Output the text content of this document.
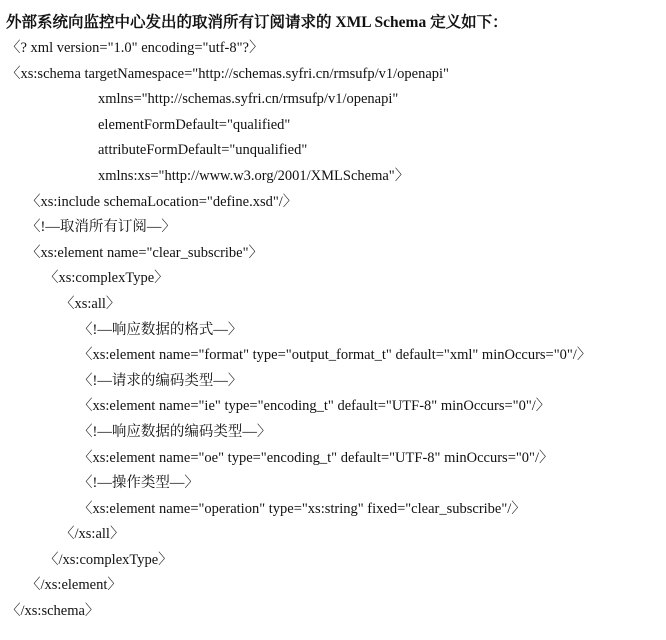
外部系统向监控中心发出的取消所有订阅请求的 XML Schema 定义如下：
〈? xml version="1.0" encoding="utf-8"?〉
〈xs:schema targetNamespace="http://schemas.syfri.cn/rmsufp/v1/openapi"
xmlns="http://schemas.syfri.cn/rmsufp/v1/openapi"
elementFormDefault="qualified"
attributeFormDefault="unqualified"
xmlns:xs="http://www.w3.org/2001/XMLSchema"〉
〈xs:include schemaLocation="define.xsd"/〉
〈!—取消所有订阅—〉
〈xs:element name="clear_subscribe"〉
〈xs:complexType〉
〈xs:all〉
〈!—响应数据的格式—〉
〈xs:element name="format" type="output_format_t" default="xml" minOccurs="0"/〉
〈!—请求的编码类型—〉
〈xs:element name="ie" type="encoding_t" default="UTF-8" minOccurs="0"/〉
〈!—响应数据的编码类型—〉
〈xs:element name="oe" type="encoding_t" default="UTF-8" minOccurs="0"/〉
〈!—操作类型—〉
〈xs:element name="operation" type="xs:string" fixed="clear_subscribe"/〉
〈/xs:all〉
〈/xs:complexType〉
〈/xs:element〉
〈/xs:schema〉
